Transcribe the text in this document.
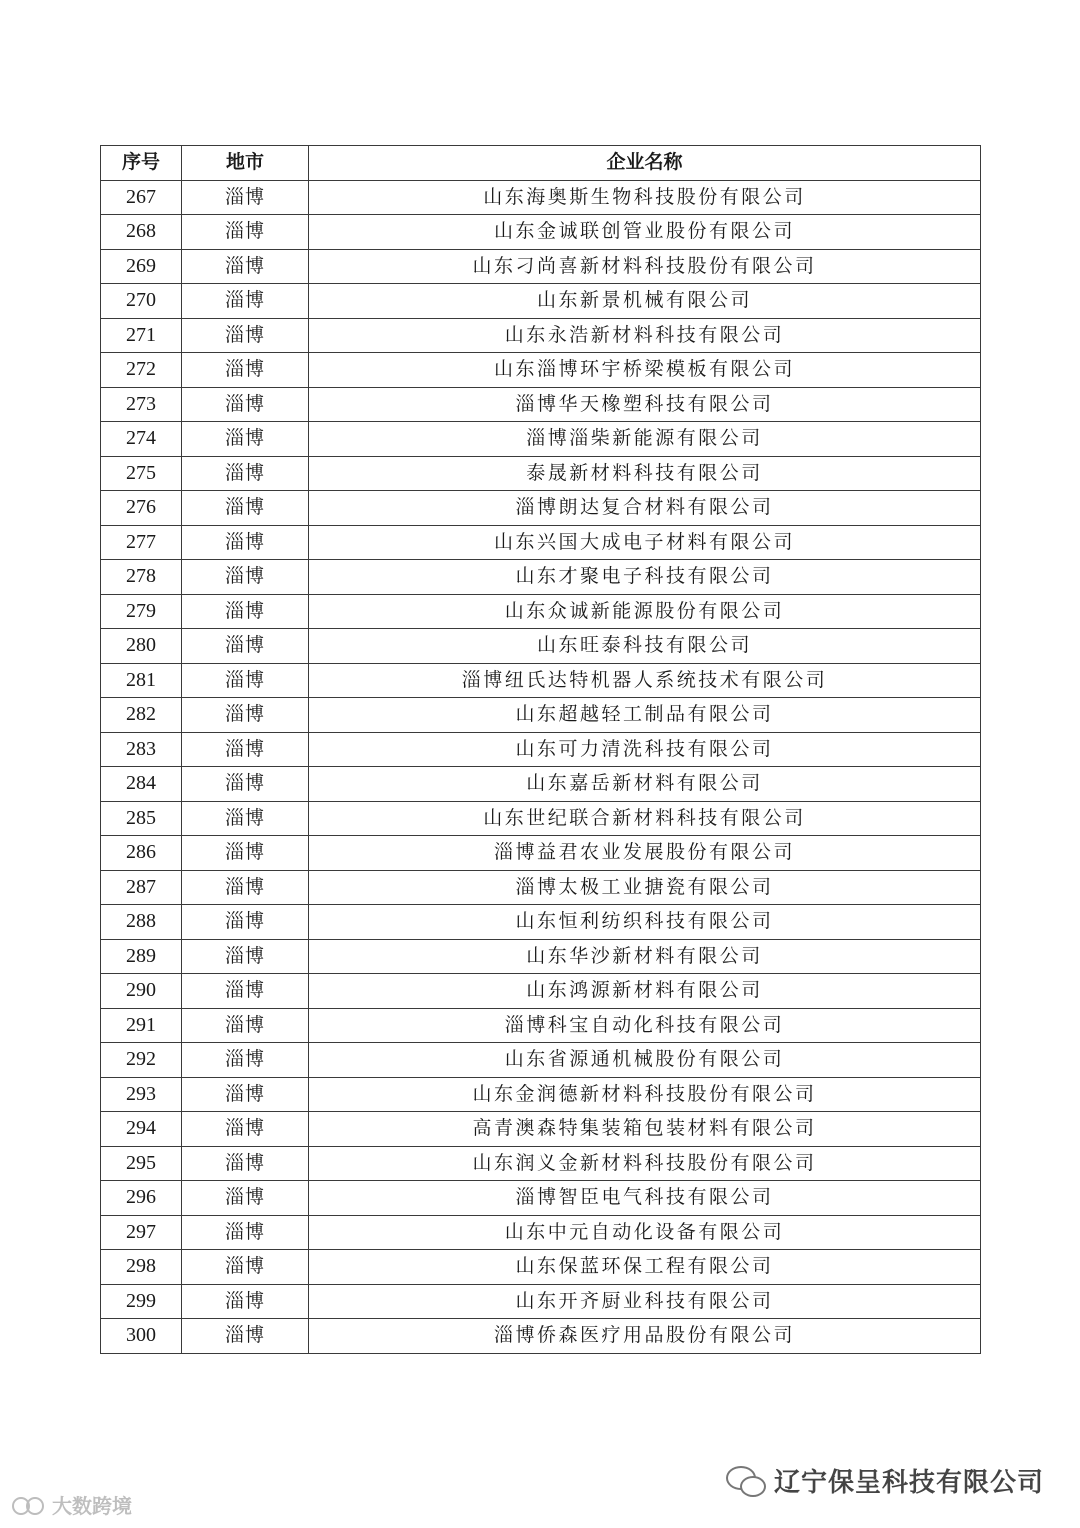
序号	地市	企业名称
267	淄博	山东海奥斯生物科技股份有限公司
268	淄博	山东金诚联创管业股份有限公司
269	淄博	山东刁尚喜新材料科技股份有限公司
270	淄博	山东新景机械有限公司
271	淄博	山东永浩新材料科技有限公司
272	淄博	山东淄博环宇桥梁模板有限公司
273	淄博	淄博华天橡塑科技有限公司
274	淄博	淄博淄柴新能源有限公司
275	淄博	泰晟新材料科技有限公司
276	淄博	淄博朗达复合材料有限公司
277	淄博	山东兴国大成电子材料有限公司
278	淄博	山东才聚电子科技有限公司
279	淄博	山东众诚新能源股份有限公司
280	淄博	山东旺泰科技有限公司
281	淄博	淄博纽氏达特机器人系统技术有限公司
282	淄博	山东超越轻工制品有限公司
283	淄博	山东可力清洗科技有限公司
284	淄博	山东嘉岳新材料有限公司
285	淄博	山东世纪联合新材料科技有限公司
286	淄博	淄博益君农业发展股份有限公司
287	淄博	淄博太极工业搪瓷有限公司
288	淄博	山东恒利纺织科技有限公司
289	淄博	山东华沙新材料有限公司
290	淄博	山东鸿源新材料有限公司
291	淄博	淄博科宝自动化科技有限公司
292	淄博	山东省源通机械股份有限公司
293	淄博	山东金润德新材料科技股份有限公司
294	淄博	高青澳森特集装箱包装材料有限公司
295	淄博	山东润义金新材料科技股份有限公司
296	淄博	淄博智臣电气科技有限公司
297	淄博	山东中元自动化设备有限公司
298	淄博	山东保蓝环保工程有限公司
299	淄博	山东开齐厨业科技有限公司
300	淄博	淄博侨森医疗用品股份有限公司
大数跨境
辽宁保呈科技有限公司
